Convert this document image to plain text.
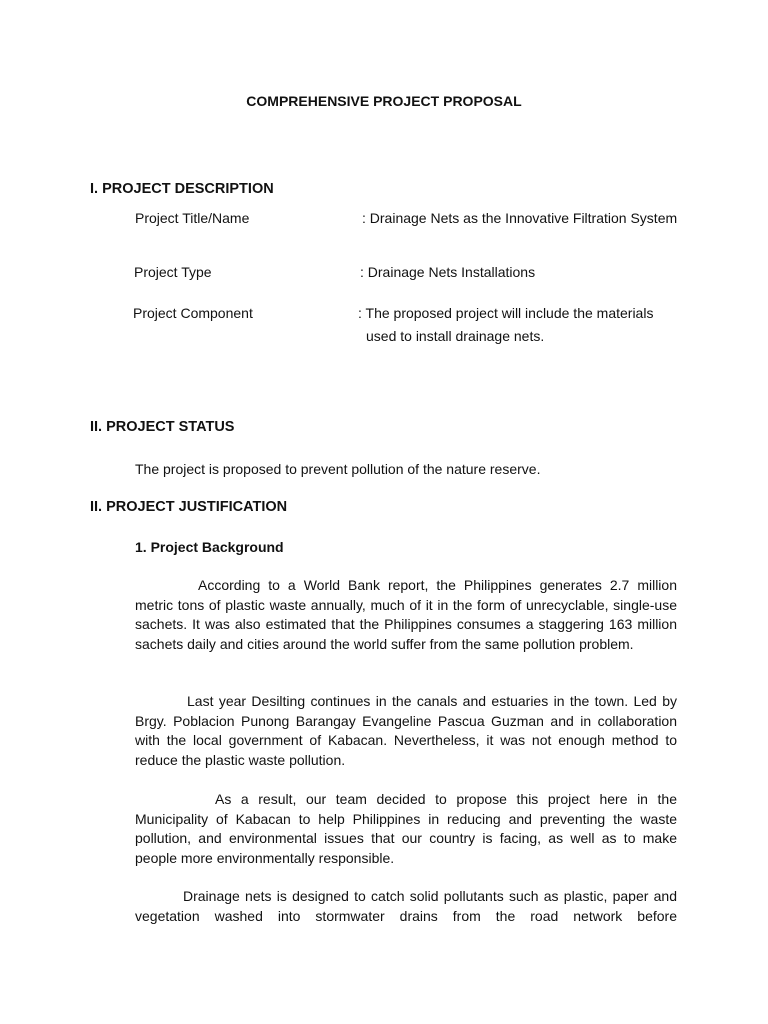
COMPREHENSIVE PROJECT PROPOSAL
I. PROJECT DESCRIPTION
Project Title/Name	: Drainage Nets as the Innovative Filtration System
Project Type	: Drainage Nets Installations
Project Component	: The proposed project will include the materials
used to install drainage nets.
II. PROJECT STATUS
The project is proposed to prevent pollution of the nature reserve.
II. PROJECT JUSTIFICATION
1. Project Background
According to a World Bank report, the Philippines generates 2.7 million metric tons of plastic waste annually, much of it in the form of unrecyclable, single-use sachets. It was also estimated that the Philippines consumes a staggering 163 million sachets daily and cities around the world suffer from the same pollution problem.
Last year Desilting continues in the canals and estuaries in the town. Led by Brgy. Poblacion Punong Barangay Evangeline Pascua Guzman and in collaboration with the local government of Kabacan. Nevertheless, it was not enough method to reduce the plastic waste pollution.
As a result, our team decided to propose this project here in the Municipality of Kabacan to help Philippines in reducing and preventing the waste pollution, and environmental issues that our country is facing, as well as to make people more environmentally responsible.
Drainage nets is designed to catch solid pollutants such as plastic, paper and vegetation washed into stormwater drains from the road network before
